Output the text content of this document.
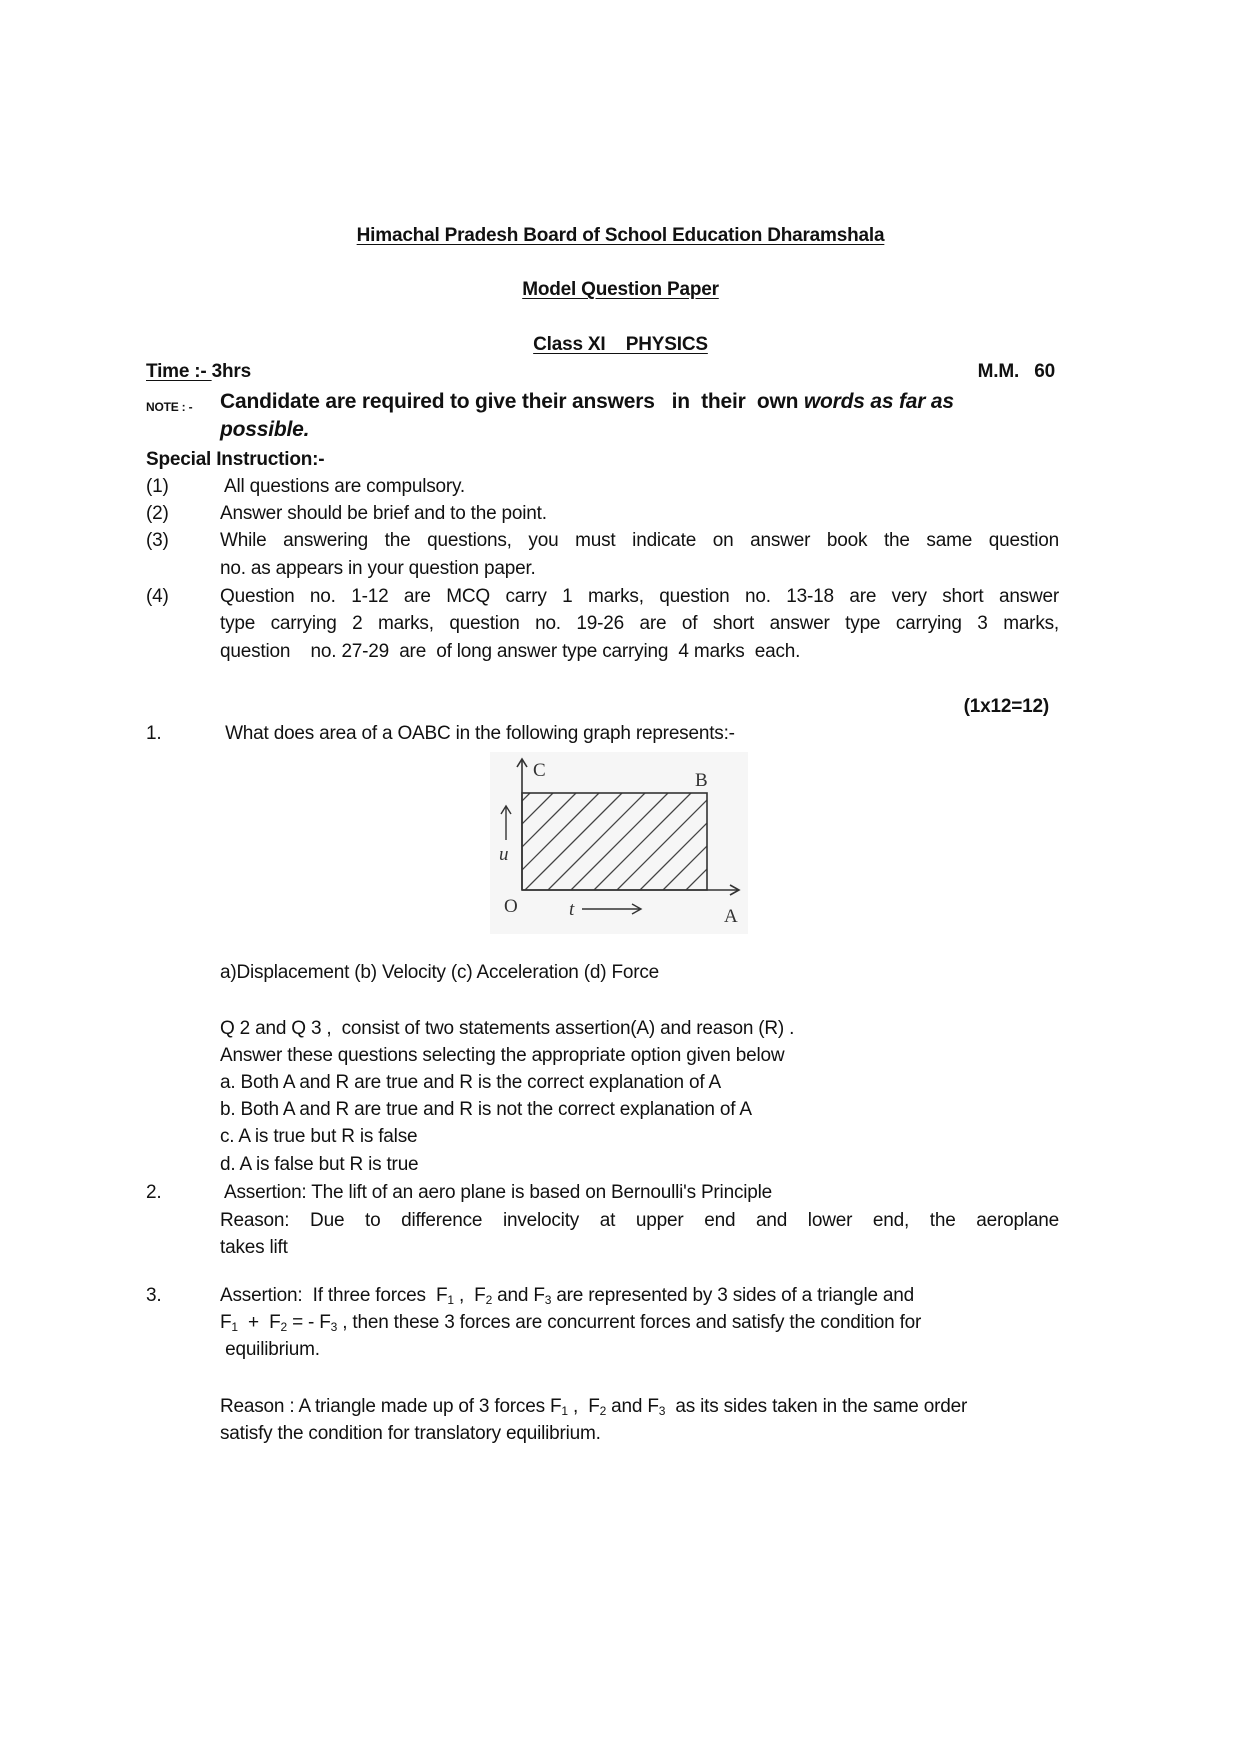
Himachal Pradesh Board of School Education Dharamshala
Model Question Paper
Class XI    PHYSICS
Time :- 3hrs	M.M.   60
NOTE : - Candidate are required to give their answers   in  their  own words as far as
possible.
Special Instruction:-
(1)	All questions are compulsory.
(2)	Answer should be brief and to the point.
(3)	While answering the questions, you must indicate on answer book the same question
no. as appears in your question paper.
(4)	Question no. 1-12 are MCQ carry 1 marks, question no. 13-18 are very short answer
type carrying 2 marks, question no. 19-26 are of short answer type carrying 3 marks,
question    no. 27-29  are  of long answer type carrying  4 marks  each.
(1x12=12)
1.	What does area of a OABC in the following graph represents:-
C	B
O	A
u
t
a)Displacement (b) Velocity (c) Acceleration (d) Force
Q 2 and Q 3 ,  consist of two statements assertion(A) and reason (R) .
Answer these questions selecting the appropriate option given below
a. Both A and R are true and R is the correct explanation of A
b. Both A and R are true and R is not the correct explanation of A
c. A is true but R is false
d. A is false but R is true
2.	Assertion: The lift of an aero plane is based on Bernoulli's Principle
Reason: Due to difference invelocity at upper end and lower end, the aeroplane
takes lift
3.	Assertion:  If three forces  $F_1$ ,  $F_2$ and $F_3$ are represented by 3 sides of a triangle and
$F_1 + F_2$ = - $F_3$ , then these 3 forces are concurrent forces and satisfy the condition for
equilibrium.
Reason : A triangle made up of 3 forces $F_1$ ,  $F_2$ and $F_3$  as its sides taken in the same order
satisfy the condition for translatory equilibrium.
